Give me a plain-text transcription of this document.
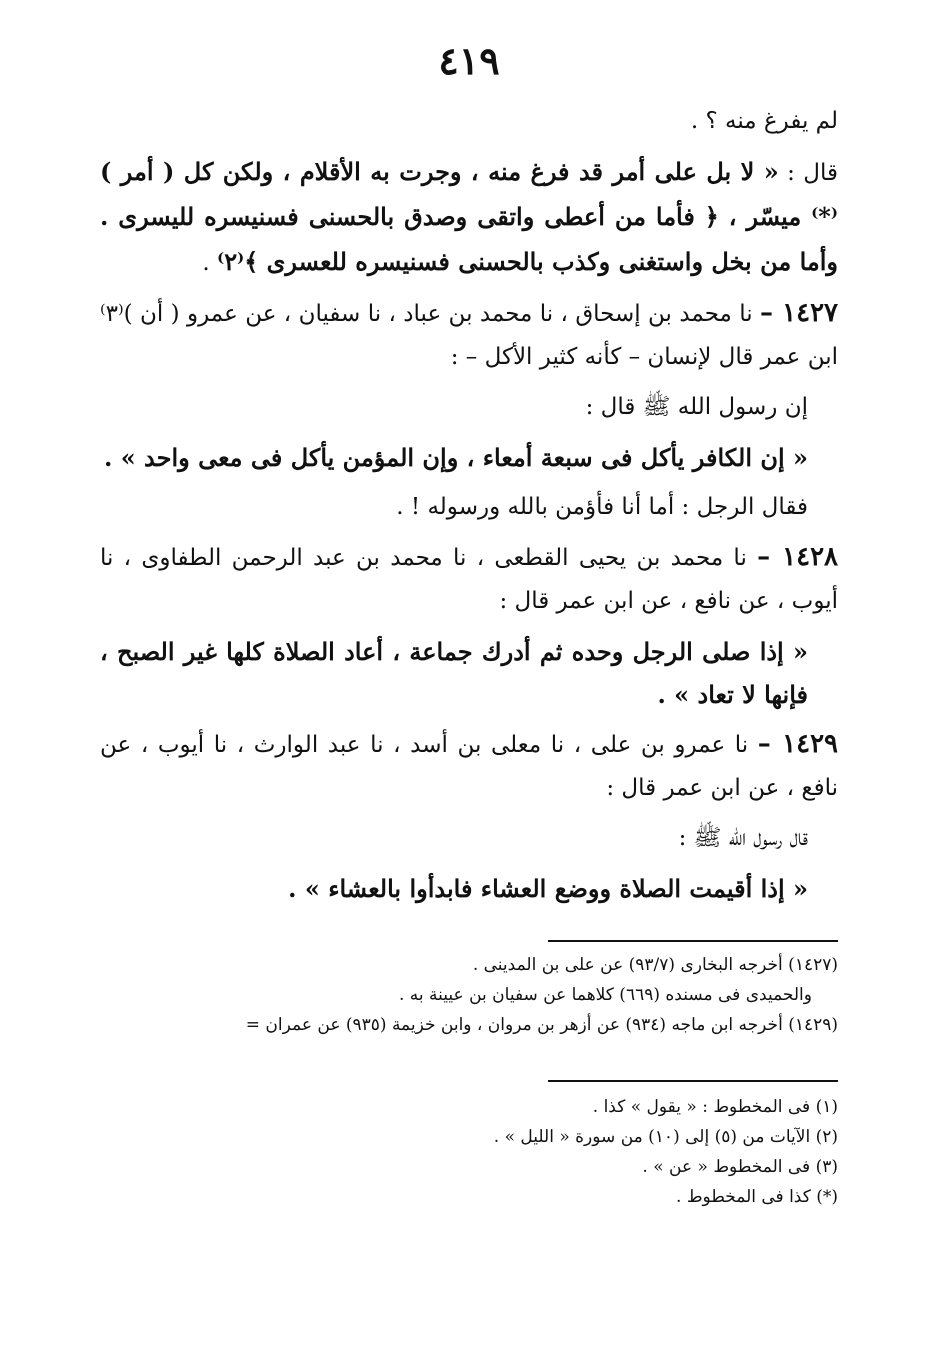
٤١٩

لم يفرغ منه ؟ .

قال : « لا بل على أمر قد فرغ منه ، وجرت به الأقلام ، ولكن كل ( أمر )⁽*⁾ ميسّر ، ﴿ فأما من أعطى واتقى وصدق بالحسنى فسنيسره لليسرى . وأما من بخل واستغنى وكذب بالحسنى فسنيسره للعسرى ﴾⁽٢⁾ .

١٤٢٧ – نا محمد بن إسحاق ، نا محمد بن عباد ، نا سفيان ، عن عمرو ( أن )⁽٣⁾ ابن عمر قال لإنسان – كأنه كثير الأكل – :

إن رسول الله ﷺ قال :

« إن الكافر يأكل فى سبعة أمعاء ، وإن المؤمن يأكل فى معى واحد » .

فقال الرجل : أما أنا فأؤمن بالله ورسوله ! .

١٤٢٨ – نا محمد بن يحيى القطعى ، نا محمد بن عبد الرحمن الطفاوى ، نا أيوب ، عن نافع ، عن ابن عمر قال :

« إذا صلى الرجل وحده ثم أدرك جماعة ، أعاد الصلاة كلها غير الصبح ، فإنها لا تعاد » .

١٤٢٩ – نا عمرو بن على ، نا معلى بن أسد ، نا عبد الوارث ، نا أيوب ، عن نافع ، عن ابن عمر قال :

قال رسول الله ﷺ :

« إذا أقيمت الصلاة ووضع العشاء فابدأوا بالعشاء » .

(١٤٢٧) أخرجه البخارى (٩٣/٧) عن على بن المدينى .
والحميدى فى مسنده (٦٦٩) كلاهما عن سفيان بن عيينة به .
(١٤٢٩) أخرجه ابن ماجه (٩٣٤) عن أزهر بن مروان ، وابن خزيمة (٩٣٥) عن عمران =
(١) فى المخطوط : « يقول » كذا .
(٢) الآيات من (٥) إلى (١٠) من سورة « الليل » .
(٣) فى المخطوط « عن » .
(*) كذا فى المخطوط .
